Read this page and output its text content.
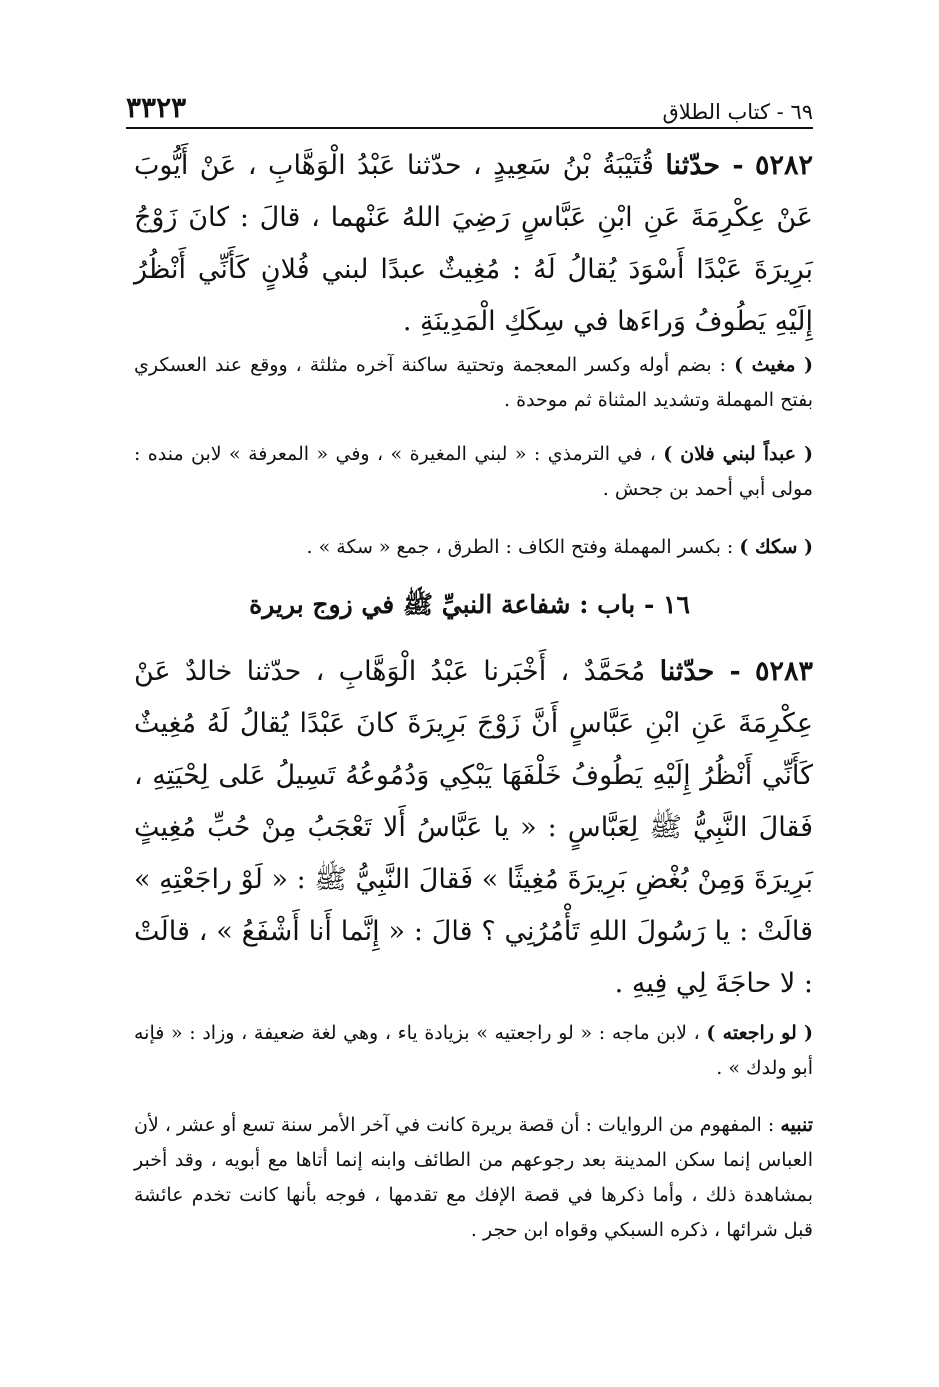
٦٩ - كتاب الطلاق
٣٣٢٣
٥٢٨٢ - حدّثنا قُتَيْبَةُ بْنُ سَعِيدٍ ، حدّثنا عَبْدُ الْوَهَّابِ ، عَنْ أَيُّوبَ عَنْ عِكْرِمَةَ عَنِ ابْنِ عَبَّاسٍ رَضِيَ اللهُ عَنْهما ، قالَ : كانَ زَوْجُ بَرِيرَةَ عَبْدًا أَسْوَدَ يُقالُ لَهُ : مُغِيثٌ عبدًا لبني فُلانٍ كَأَنِّي أَنْظُرُ إِلَيْهِ يَطُوفُ وَراءَها في سِكَكِ الْمَدِينَةِ .
( مغيث ) : بضم أوله وكسر المعجمة وتحتية ساكنة آخره مثلثة ، ووقع عند العسكري بفتح المهملة وتشديد المثناة ثم موحدة .
( عبداً لبني فلان ) ، في الترمذي : « لبني المغيرة » ، وفي « المعرفة » لابن منده : مولى أبي أحمد بن جحش .
( سكك ) : بكسر المهملة وفتح الكاف : الطرق ، جمع « سكة » .
١٦ - باب : شفاعة النبيِّ ﷺ في زوج بريرة
٥٢٨٣ - حدّثنا مُحَمَّدٌ ، أَخْبَرنا عَبْدُ الْوَهَّابِ ، حدّثنا خالدٌ عَنْ عِكْرِمَةَ عَنِ ابْنِ عَبَّاسٍ أَنَّ زَوْجَ بَرِيرَةَ كانَ عَبْدًا يُقالُ لَهُ مُغِيثٌ كَأَنِّي أَنْظُرُ إِلَيْهِ يَطُوفُ خَلْفَهَا يَبْكِي وَدُمُوعُهُ تَسِيلُ عَلى لِحْيَتِهِ ، فَقالَ النَّبِيُّ ﷺ لِعَبَّاسٍ : « يا عَبَّاسُ أَلا تَعْجَبُ مِنْ حُبِّ مُغِيثٍ بَرِيرَةَ وَمِنْ بُغْضِ بَرِيرَةَ مُغِيثًا » فَقالَ النَّبِيُّ ﷺ : « لَوْ راجَعْتِهِ » قالَتْ : يا رَسُولَ اللهِ تَأْمُرُنِي ؟ قالَ : « إِنَّما أَنا أَشْفَعُ » ، قالَتْ : لا حاجَةَ لِي فِيهِ .
( لو راجعته ) ، لابن ماجه : « لو راجعتيه » بزيادة ياء ، وهي لغة ضعيفة ، وزاد : « فإنه أبو ولدك » .
تنبيه : المفهوم من الروايات : أن قصة بريرة كانت في آخر الأمر سنة تسع أو عشر ، لأن العباس إنما سكن المدينة بعد رجوعهم من الطائف وابنه إنما أتاها مع أبويه ، وقد أخبر بمشاهدة ذلك ، وأما ذكرها في قصة الإفك مع تقدمها ، فوجه بأنها كانت تخدم عائشة قبل شرائها ، ذكره السبكي وقواه ابن حجر .
